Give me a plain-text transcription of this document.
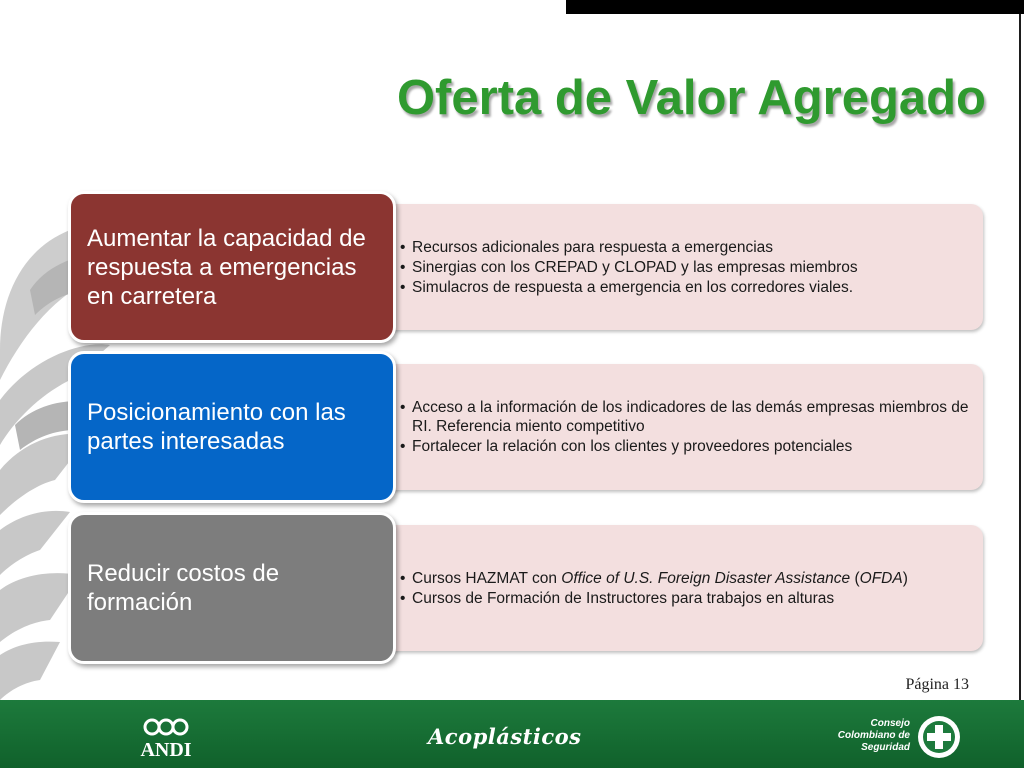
Oferta de Valor Agregado
• Recursos adicionales para respuesta a emergencias
• Sinergias con los CREPAD y CLOPAD y las empresas miembros
• Simulacros de respuesta a emergencia en los corredores viales.
Aumentar la capacidad de respuesta a emergencias en carretera
• Acceso a la información de los indicadores de las demás empresas miembros de RI. Referencia miento competitivo
• Fortalecer la relación con los clientes y proveedores potenciales
Posicionamiento con las partes interesadas
• Cursos HAZMAT con Office of U.S. Foreign Disaster Assistance (OFDA)
• Cursos de Formación de Instructores para trabajos en alturas
Reducir costos de formación
Página 13
ANDI
Acoplásticos
Consejo
Colombiano de
Seguridad
